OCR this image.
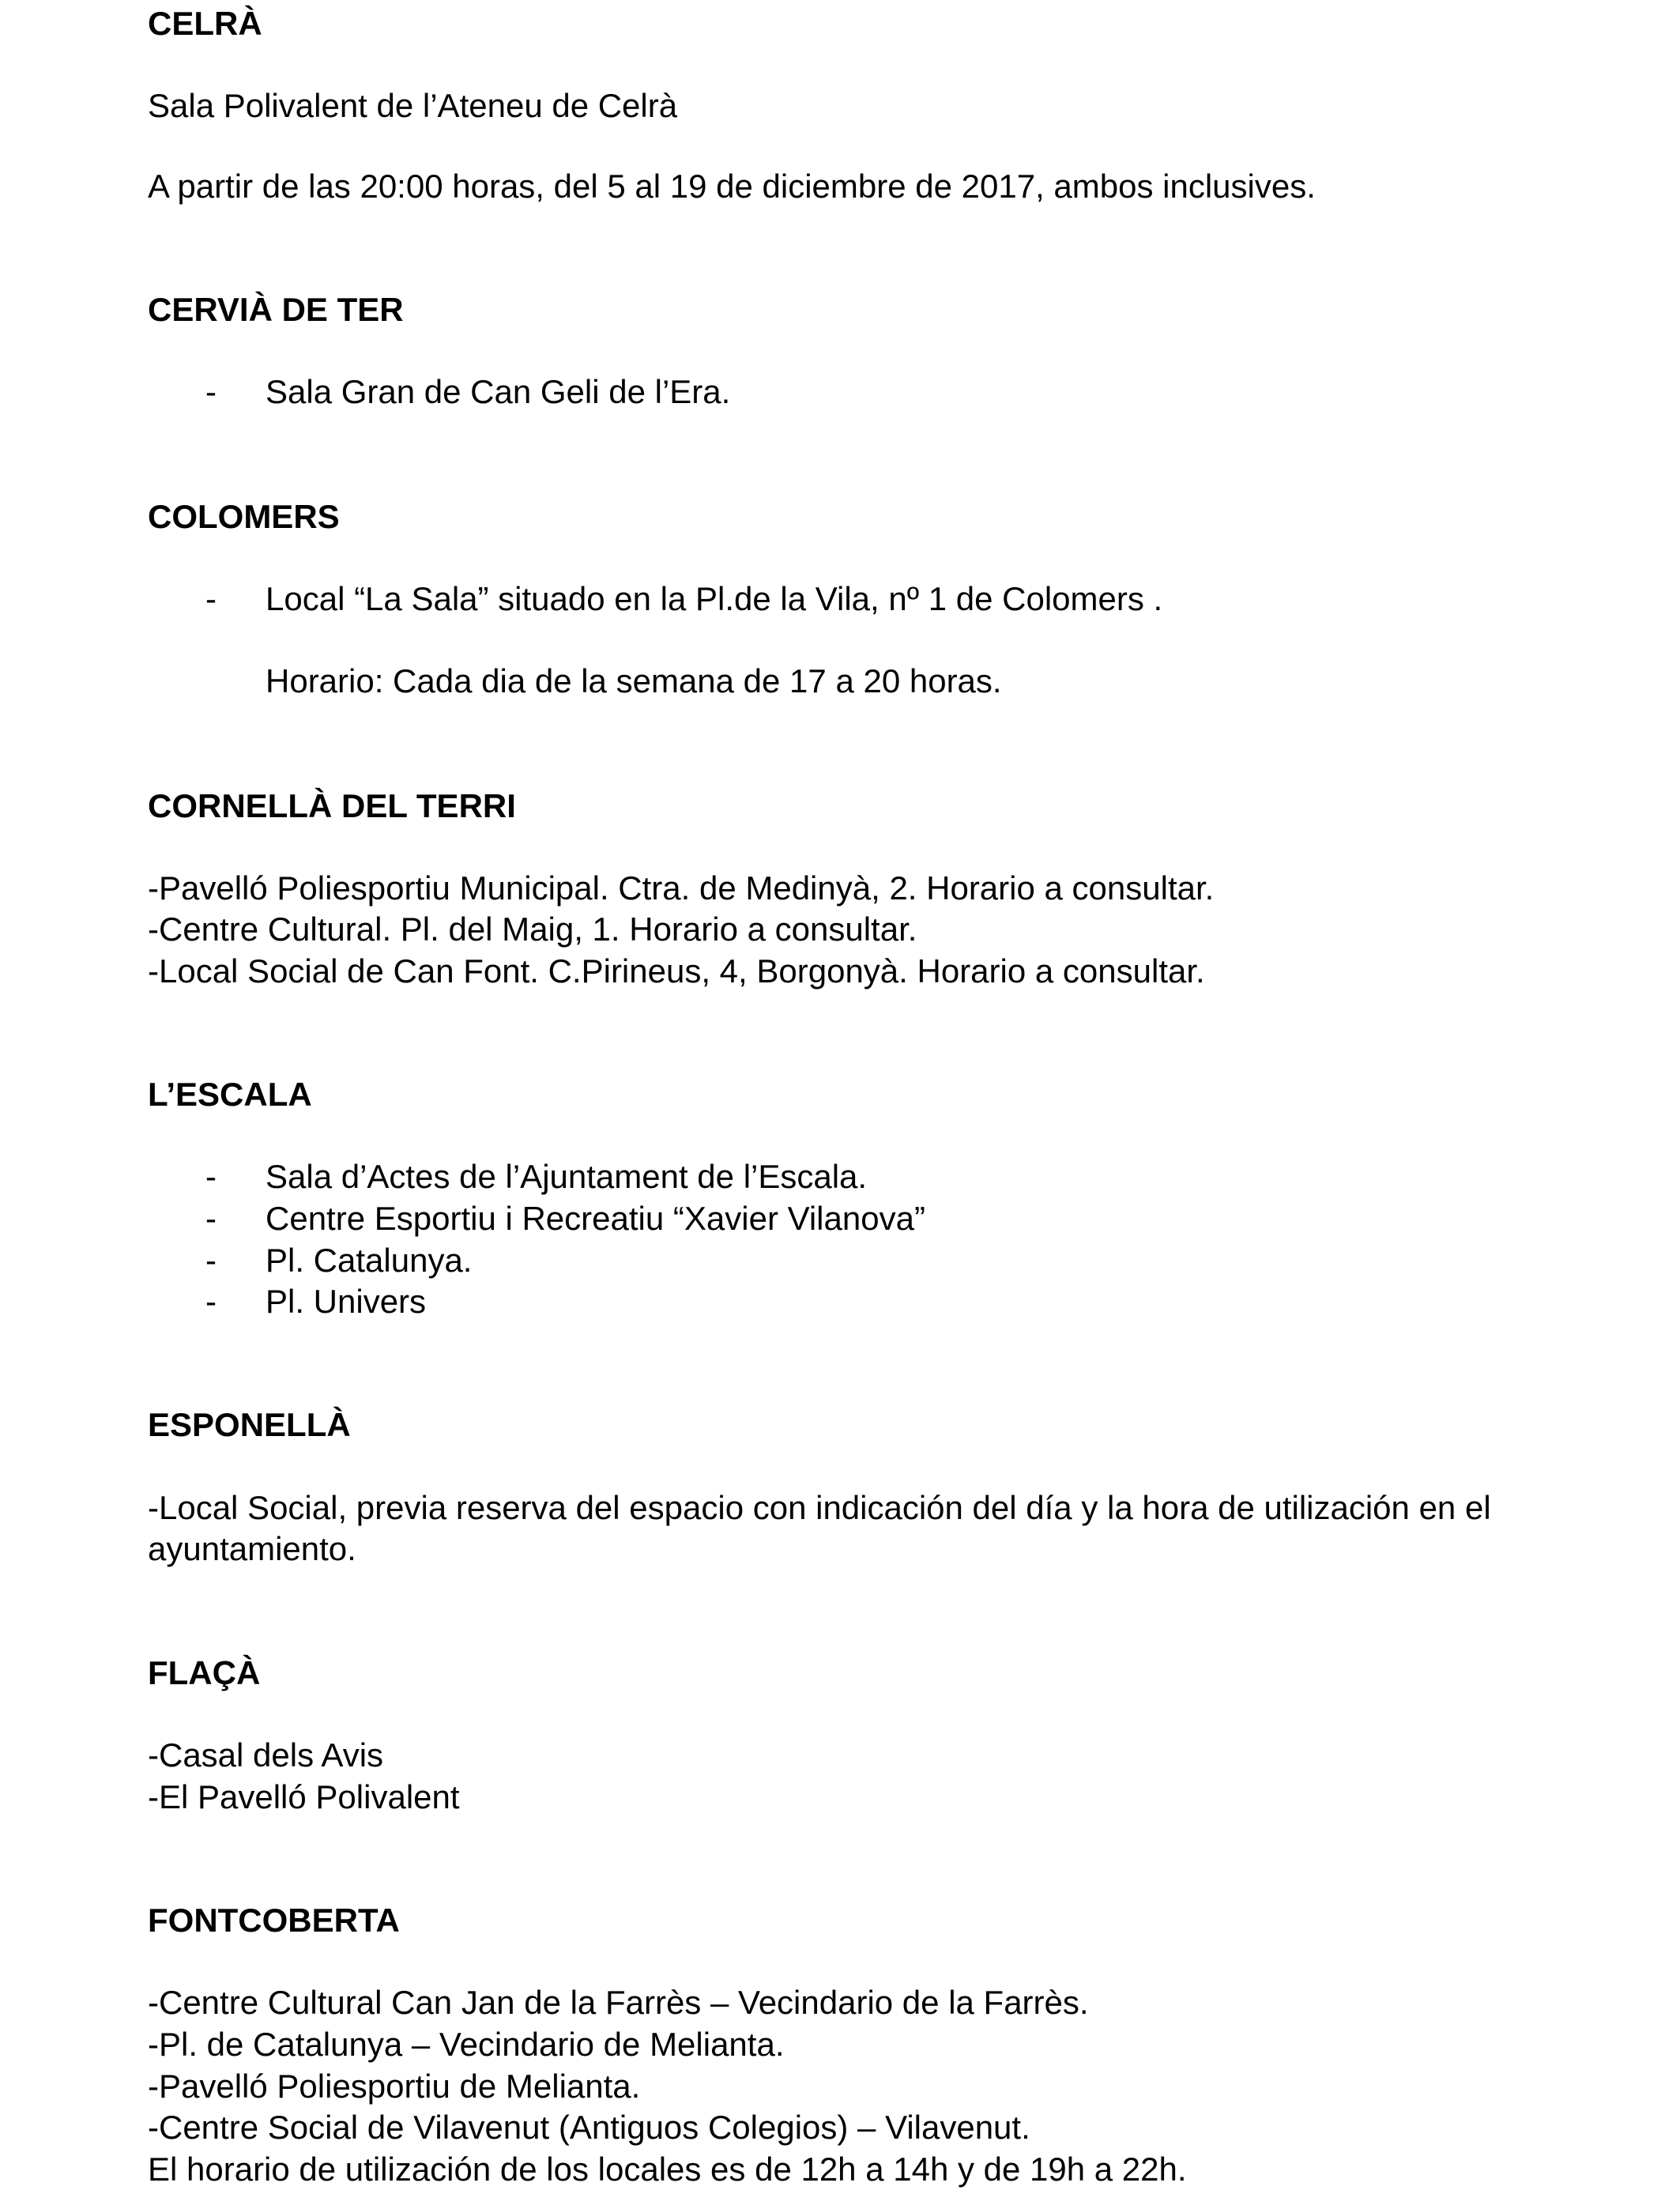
CELRÀ

Sala Polivalent de l’Ateneu de Celrà

A partir de las 20:00 horas, del 5 al 19 de diciembre de 2017, ambos inclusives.

CERVIÀ DE TER

- Sala Gran de Can Geli de l’Era.

COLOMERS

- Local “La Sala” situado en la Pl.de la Vila, nº 1 de Colomers .

Horario: Cada dia de la semana de 17 a 20 horas.

CORNELLÀ DEL TERRI

-Pavelló Poliesportiu Municipal. Ctra. de Medinyà, 2. Horario a consultar.

-Centre Cultural. Pl. del Maig, 1. Horario a consultar.

-Local Social de Can Font. C.Pirineus, 4, Borgonyà. Horario a consultar.

L’ESCALA

- Sala d’Actes de l’Ajuntament de l’Escala.

- Centre Esportiu i Recreatiu “Xavier Vilanova”

- Pl. Catalunya.

- Pl. Univers

ESPONELLÀ

-Local Social, previa reserva del espacio con indicación del día y la hora de utilización en el

ayuntamiento.

FLAÇÀ

-Casal dels Avis

-El Pavelló Polivalent

FONTCOBERTA

-Centre Cultural Can Jan de la Farrès – Vecindario de la Farrès.

-Pl. de Catalunya – Vecindario de Melianta.

-Pavelló Poliesportiu de Melianta.

-Centre Social de Vilavenut (Antiguos Colegios) – Vilavenut.

El horario de utilización de los locales es de 12h a 14h y de 19h a 22h.
